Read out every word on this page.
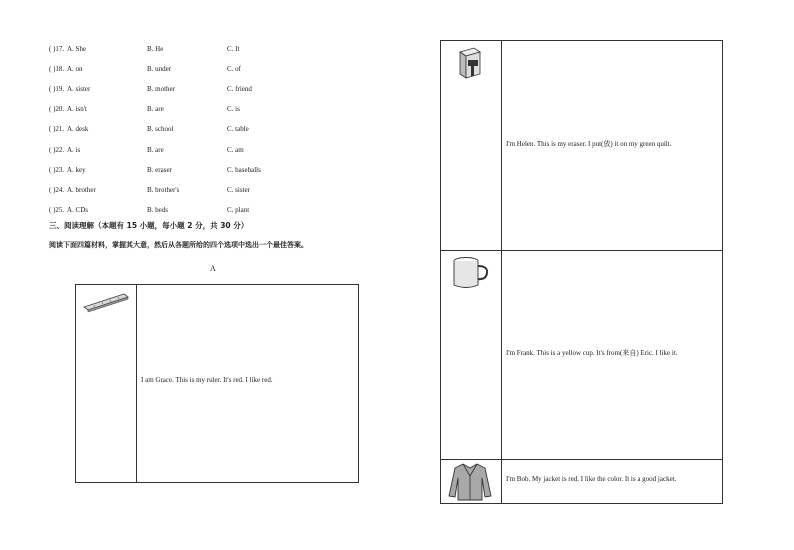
( )17. A. She	B. He	C. It
( )18. A. on	B. under	C. of
( )19. A. sister	B. mother	C. friend
( )20. A. isn't	B. are	C. is
( )21. A. desk	B. school	C. table
( )22. A. is	B. are	C. am
( )23. A. key	B. eraser	C. baseballs
( )24. A. brother	B. brother's	C. sister
( )25. A. CDs	B. beds	C. plant
三、阅读理解（本题有 15 小题，每小题 2 分，共 30 分）
阅读下面四篇材料，掌握其大意，然后从各题所给的四个选项中选出一个最佳答案。
A
I am Grace. This is my ruler. It's red. I like red.
I'm Helen. This is my eraser. I put(放) it on my green quilt.
I'm Frank. This is a yellow cup. It's from(来自) Eric. I like it.
I'm Bob. My jacket is red. I like the color. It is a good jacket.
